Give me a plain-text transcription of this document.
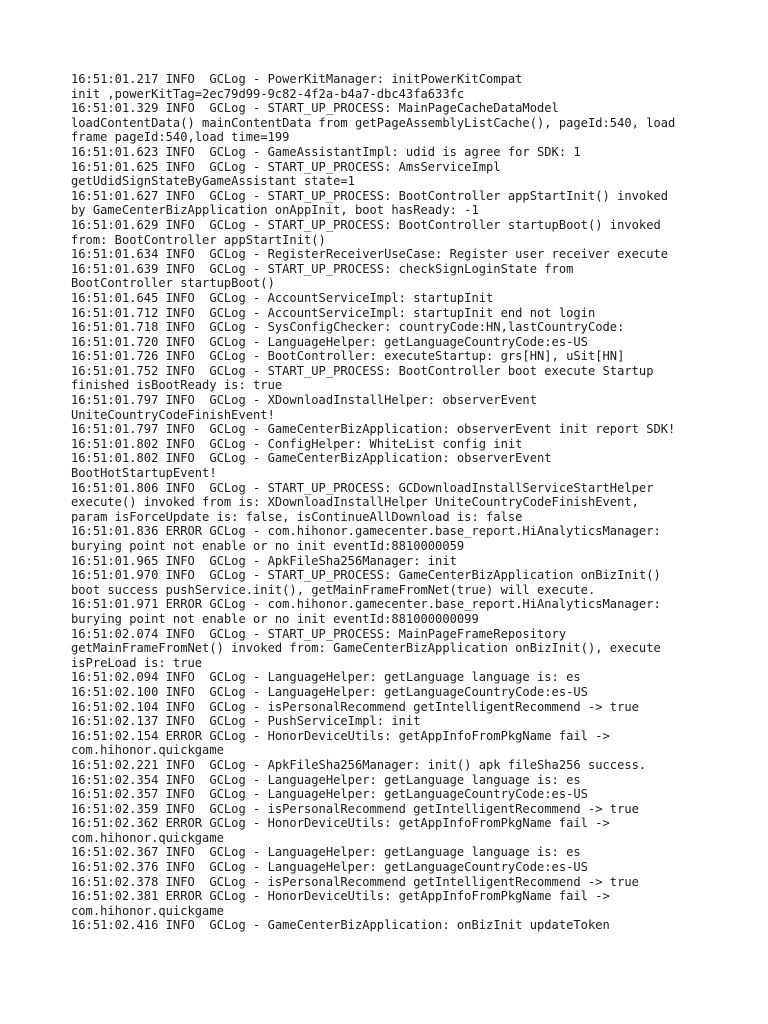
16:51:01.217 INFO  GCLog - PowerKitManager: initPowerKitCompat
init ,powerKitTag=2ec79d99-9c82-4f2a-b4a7-dbc43fa633fc
16:51:01.329 INFO  GCLog - START_UP_PROCESS: MainPageCacheDataModel
loadContentData() mainContentData from getPageAssemblyListCache(), pageId:540, load
frame pageId:540,load time=199
16:51:01.623 INFO  GCLog - GameAssistantImpl: udid is agree for SDK: 1
16:51:01.625 INFO  GCLog - START_UP_PROCESS: AmsServiceImpl
getUdidSignStateByGameAssistant state=1
16:51:01.627 INFO  GCLog - START_UP_PROCESS: BootController appStartInit() invoked
by GameCenterBizApplication onAppInit, boot hasReady: -1
16:51:01.629 INFO  GCLog - START_UP_PROCESS: BootController startupBoot() invoked
from: BootController appStartInit()
16:51:01.634 INFO  GCLog - RegisterReceiverUseCase: Register user receiver execute
16:51:01.639 INFO  GCLog - START_UP_PROCESS: checkSignLoginState from
BootController startupBoot()
16:51:01.645 INFO  GCLog - AccountServiceImpl: startupInit
16:51:01.712 INFO  GCLog - AccountServiceImpl: startupInit end not login
16:51:01.718 INFO  GCLog - SysConfigChecker: countryCode:HN,lastCountryCode:
16:51:01.720 INFO  GCLog - LanguageHelper: getLanguageCountryCode:es-US
16:51:01.726 INFO  GCLog - BootController: executeStartup: grs[HN], uSit[HN]
16:51:01.752 INFO  GCLog - START_UP_PROCESS: BootController boot execute Startup
finished isBootReady is: true
16:51:01.797 INFO  GCLog - XDownloadInstallHelper: observerEvent
UniteCountryCodeFinishEvent!
16:51:01.797 INFO  GCLog - GameCenterBizApplication: observerEvent init report SDK!
16:51:01.802 INFO  GCLog - ConfigHelper: WhiteList config init
16:51:01.802 INFO  GCLog - GameCenterBizApplication: observerEvent
BootHotStartupEvent!
16:51:01.806 INFO  GCLog - START_UP_PROCESS: GCDownloadInstallServiceStartHelper
execute() invoked from is: XDownloadInstallHelper UniteCountryCodeFinishEvent,
param isForceUpdate is: false, isContinueAllDownload is: false
16:51:01.836 ERROR GCLog - com.hihonor.gamecenter.base_report.HiAnalyticsManager:
burying point not enable or no init eventId:8810000059
16:51:01.965 INFO  GCLog - ApkFileSha256Manager: init
16:51:01.970 INFO  GCLog - START_UP_PROCESS: GameCenterBizApplication onBizInit()
boot success pushService.init(), getMainFrameFromNet(true) will execute.
16:51:01.971 ERROR GCLog - com.hihonor.gamecenter.base_report.HiAnalyticsManager:
burying point not enable or no init eventId:881000000099
16:51:02.074 INFO  GCLog - START_UP_PROCESS: MainPageFrameRepository
getMainFrameFromNet() invoked from: GameCenterBizApplication onBizInit(), execute
isPreLoad is: true
16:51:02.094 INFO  GCLog - LanguageHelper: getLanguage language is: es
16:51:02.100 INFO  GCLog - LanguageHelper: getLanguageCountryCode:es-US
16:51:02.104 INFO  GCLog - isPersonalRecommend getIntelligentRecommend -> true
16:51:02.137 INFO  GCLog - PushServiceImpl: init
16:51:02.154 ERROR GCLog - HonorDeviceUtils: getAppInfoFromPkgName fail ->
com.hihonor.quickgame
16:51:02.221 INFO  GCLog - ApkFileSha256Manager: init() apk fileSha256 success.
16:51:02.354 INFO  GCLog - LanguageHelper: getLanguage language is: es
16:51:02.357 INFO  GCLog - LanguageHelper: getLanguageCountryCode:es-US
16:51:02.359 INFO  GCLog - isPersonalRecommend getIntelligentRecommend -> true
16:51:02.362 ERROR GCLog - HonorDeviceUtils: getAppInfoFromPkgName fail ->
com.hihonor.quickgame
16:51:02.367 INFO  GCLog - LanguageHelper: getLanguage language is: es
16:51:02.376 INFO  GCLog - LanguageHelper: getLanguageCountryCode:es-US
16:51:02.378 INFO  GCLog - isPersonalRecommend getIntelligentRecommend -> true
16:51:02.381 ERROR GCLog - HonorDeviceUtils: getAppInfoFromPkgName fail ->
com.hihonor.quickgame
16:51:02.416 INFO  GCLog - GameCenterBizApplication: onBizInit updateToken
